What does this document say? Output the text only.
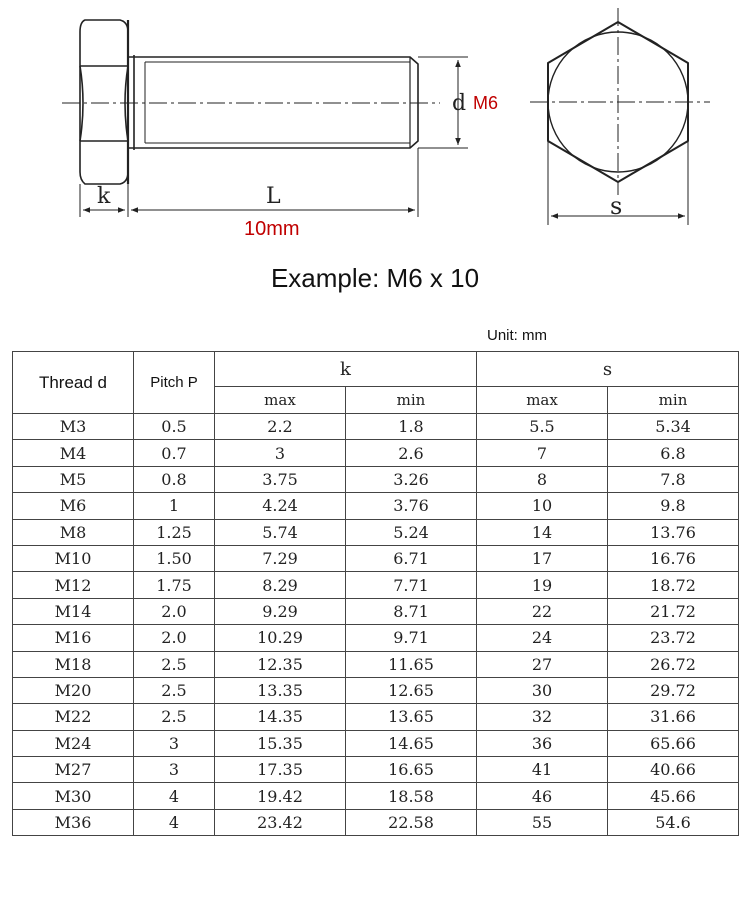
d
k	L	s
M6
10mm
Example: M6 x 10
Unit: mm
Thread d	Pitch P	k		s	
		max	min	max	min
M3	0.5	2.2	1.8	5.5	5.34
M4	0.7	3	2.6	7	6.8
M5	0.8	3.75	3.26	8	7.8
M6	1	4.24	3.76	10	9.8
M8	1.25	5.74	5.24	14	13.76
M10	1.50	7.29	6.71	17	16.76
M12	1.75	8.29	7.71	19	18.72
M14	2.0	9.29	8.71	22	21.72
M16	2.0	10.29	9.71	24	23.72
M18	2.5	12.35	11.65	27	26.72
M20	2.5	13.35	12.65	30	29.72
M22	2.5	14.35	13.65	32	31.66
M24	3	15.35	14.65	36	65.66
M27	3	17.35	16.65	41	40.66
M30	4	19.42	18.58	46	45.66
M36	4	23.42	22.58	55	54.6
